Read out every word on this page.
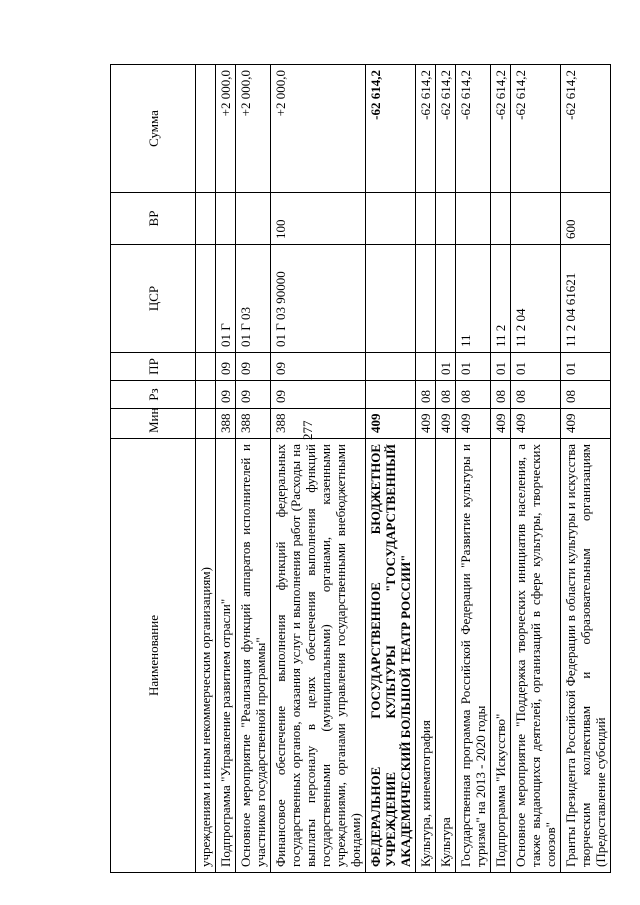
277
Наименование	Мин	Рз	ПР	ЦСР	ВР	Сумма
учреждениям и иным некоммерческим организациям)						
Подпрограмма "Управление развитием отрасли"	388	09	09	01 Г		+2 000,0
Основное мероприятие "Реализация функций аппаратов исполнителей и участников государственной программы"	388	09	09	01 Г 03		+2 000,0
Финансовое обеспечение выполнения функций федеральных государственных органов, оказания услуг и выполнения работ (Расходы на выплаты персоналу в целях обеспечения выполнения функций государственными (муниципальными) органами, казенными учреждениями, органами управления государственными внебюджетными фондами)	388	09	09	01 Г 03 90000	100	+2 000,0
ФЕДЕРАЛЬНОЕ ГОСУДАРСТВЕННОЕ БЮДЖЕТНОЕ УЧРЕЖДЕНИЕ КУЛЬТУРЫ "ГОСУДАРСТВЕННЫЙ АКАДЕМИЧЕСКИЙ БОЛЬШОЙ ТЕАТР РОССИИ"	409					-62 614,2
Культура, кинематография	409	08				-62 614,2
Культура	409	08	01			-62 614,2
Государственная программа Российской Федерации "Развитие культуры и туризма" на 2013 - 2020 годы	409	08	01	11		-62 614,2
Подпрограмма "Искусство"	409	08	01	11 2		-62 614,2
Основное мероприятие "Поддержка творческих инициатив населения, а также выдающихся деятелей, организаций в сфере культуры, творческих союзов"	409	08	01	11 2 04		-62 614,2
Гранты Президента Российской Федерации в области культуры и искусства творческим коллективам и образовательным организациям (Предоставление субсидий	409	08	01	11 2 04 61621	600	-62 614,2
